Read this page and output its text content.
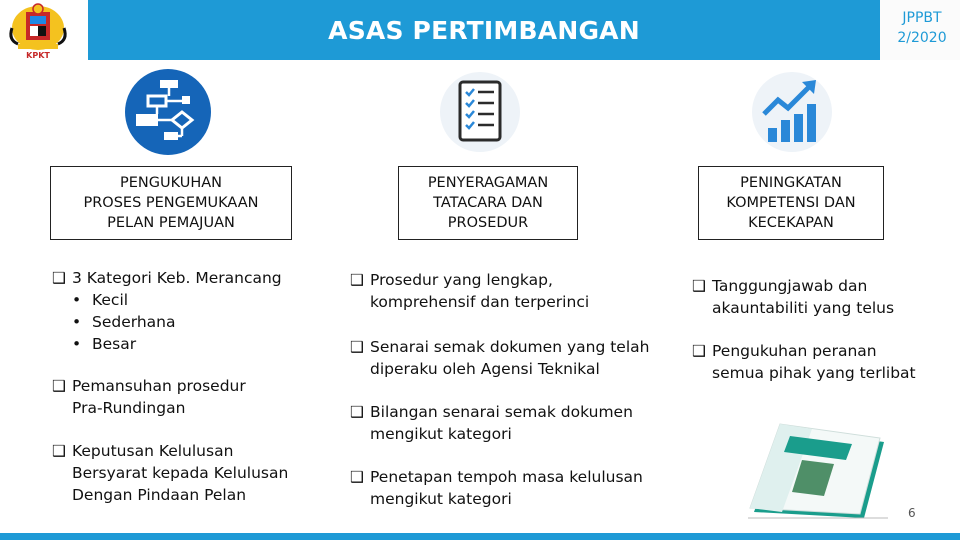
KPKT
ASAS PERTIMBANGAN	JPPBT
2/2020
PENGUKUHAN
PROSES PENGEMUKAAN
PELAN PEMAJUAN
PENYERAGAMAN
TATACARA DAN
PROSEDUR
PENINGKATAN
KOMPETENSI DAN
KECEKAPAN
❑ 3 Kategori Keb. Merancang
• Kecil
• Sederhana
• Besar
❑ Pemansuhan prosedur
Pra-Rundingan
❑ Keputusan Kelulusan
Bersyarat kepada Kelulusan
Dengan Pindaan Pelan
❑ Prosedur yang lengkap,
komprehensif dan terperinci
❑ Senarai semak dokumen yang telah
diperaku oleh Agensi Teknikal
❑ Bilangan senarai semak dokumen
mengikut kategori
❑ Penetapan tempoh masa kelulusan
mengikut kategori
❑ Tanggungjawab dan
akauntabiliti yang telus
❑ Pengukuhan peranan
semua pihak yang terlibat
6
